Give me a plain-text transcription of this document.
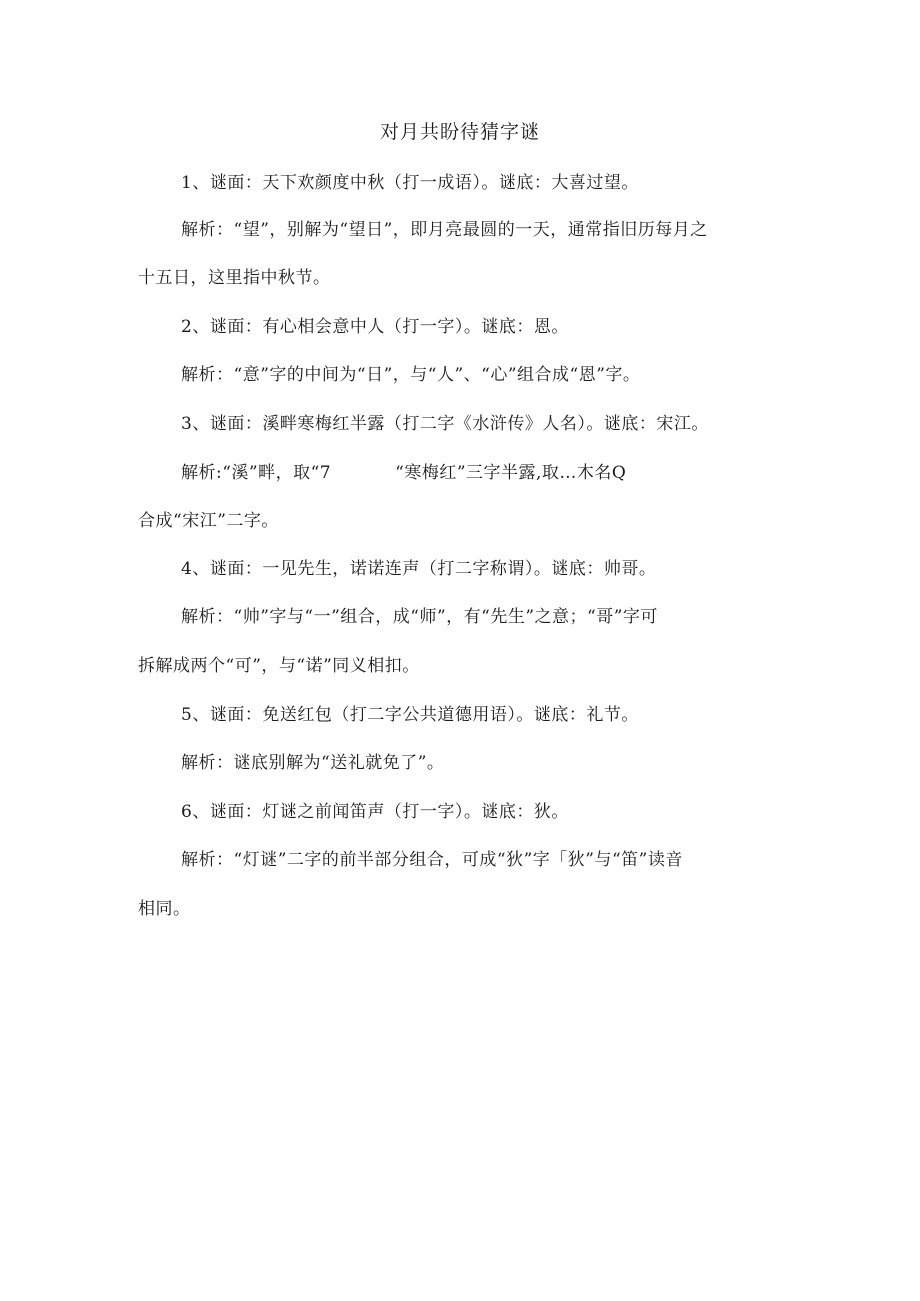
对月共盼待猜字谜
1、谜面：天下欢颜度中秋（打一成语）。谜底：大喜过望。
解析：“望”，别解为“望日”，即月亮最圆的一天，通常指旧历每月之
十五日，这里指中秋节。
2、谜面：有心相会意中人（打一字）。谜底：恩。
解析：“意”字的中间为“日”，与“人”、“心”组合成“恩”字。
3、谜面：溪畔寒梅红半露（打二字《水浒传》人名）。谜底：宋江。
解析:“溪”畔，取“7	“寒梅红”三字半露,取…木名Q
合成“宋江”二字。
4、谜面：一见先生，诺诺连声（打二字称谓）。谜底：帅哥。
解析：“帅”字与“一”组合，成“师”，有“先生”之意；“哥”字可
拆解成两个“可”，与“诺”同义相扣。
5、谜面：免送红包（打二字公共道德用语）。谜底：礼节。
解析：谜底别解为“送礼就免了”。
6、谜面：灯谜之前闻笛声（打一字）。谜底：狄。
解析：“灯谜”二字的前半部分组合，可成“狄”字「狄”与“笛”读音
相同。
